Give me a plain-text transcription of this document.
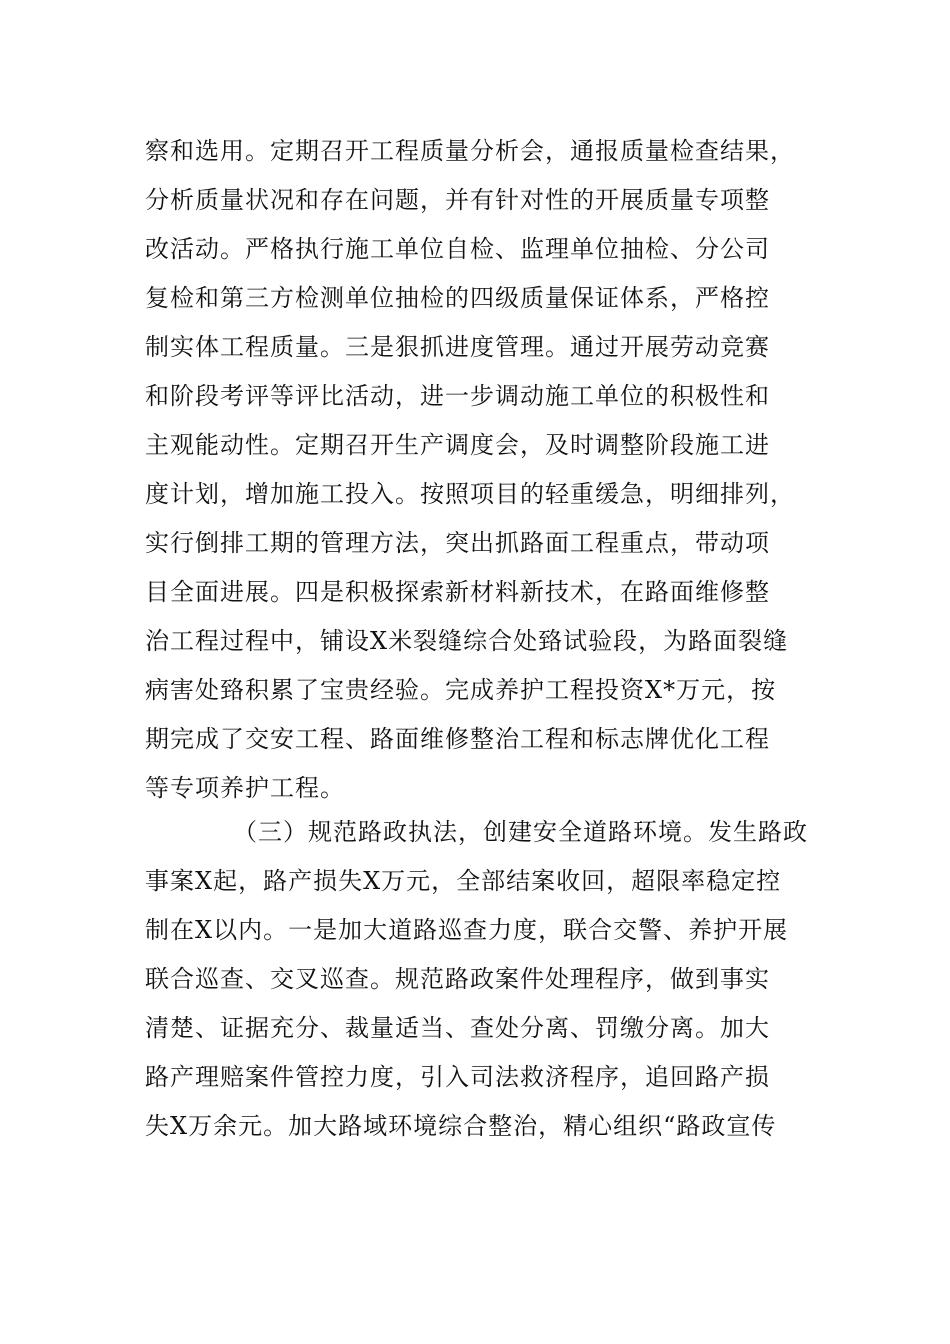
察和选用。定期召开工程质量分析会，通报质量检查结果，
分析质量状况和存在问题，并有针对性的开展质量专项整
改活动。严格执行施工单位自检、监理单位抽检、分公司
复检和第三方检测单位抽检的四级质量保证体系，严格控
制实体工程质量。三是狠抓进度管理。通过开展劳动竞赛
和阶段考评等评比活动，进一步调动施工单位的积极性和
主观能动性。定期召开生产调度会，及时调整阶段施工进
度计划，增加施工投入。按照项目的轻重缓急，明细排列，
实行倒排工期的管理方法，突出抓路面工程重点，带动项
目全面进展。四是积极探索新材料新技术，在路面维修整
治工程过程中，铺设X米裂缝综合处臵试验段，为路面裂缝
病害处臵积累了宝贵经验。完成养护工程投资X*万元，按
期完成了交安工程、路面维修整治工程和标志牌优化工程
等专项养护工程。
（三）规范路政执法，创建安全道路环境。发生路政
事案X起，路产损失X万元，全部结案收回，超限率稳定控
制在X以内。一是加大道路巡查力度，联合交警、养护开展
联合巡查、交叉巡查。规范路政案件处理程序，做到事实
清楚、证据充分、裁量适当、查处分离、罚缴分离。加大
路产理赔案件管控力度，引入司法救济程序，追回路产损
失X万余元。加大路域环境综合整治，精心组织“路政宣传
